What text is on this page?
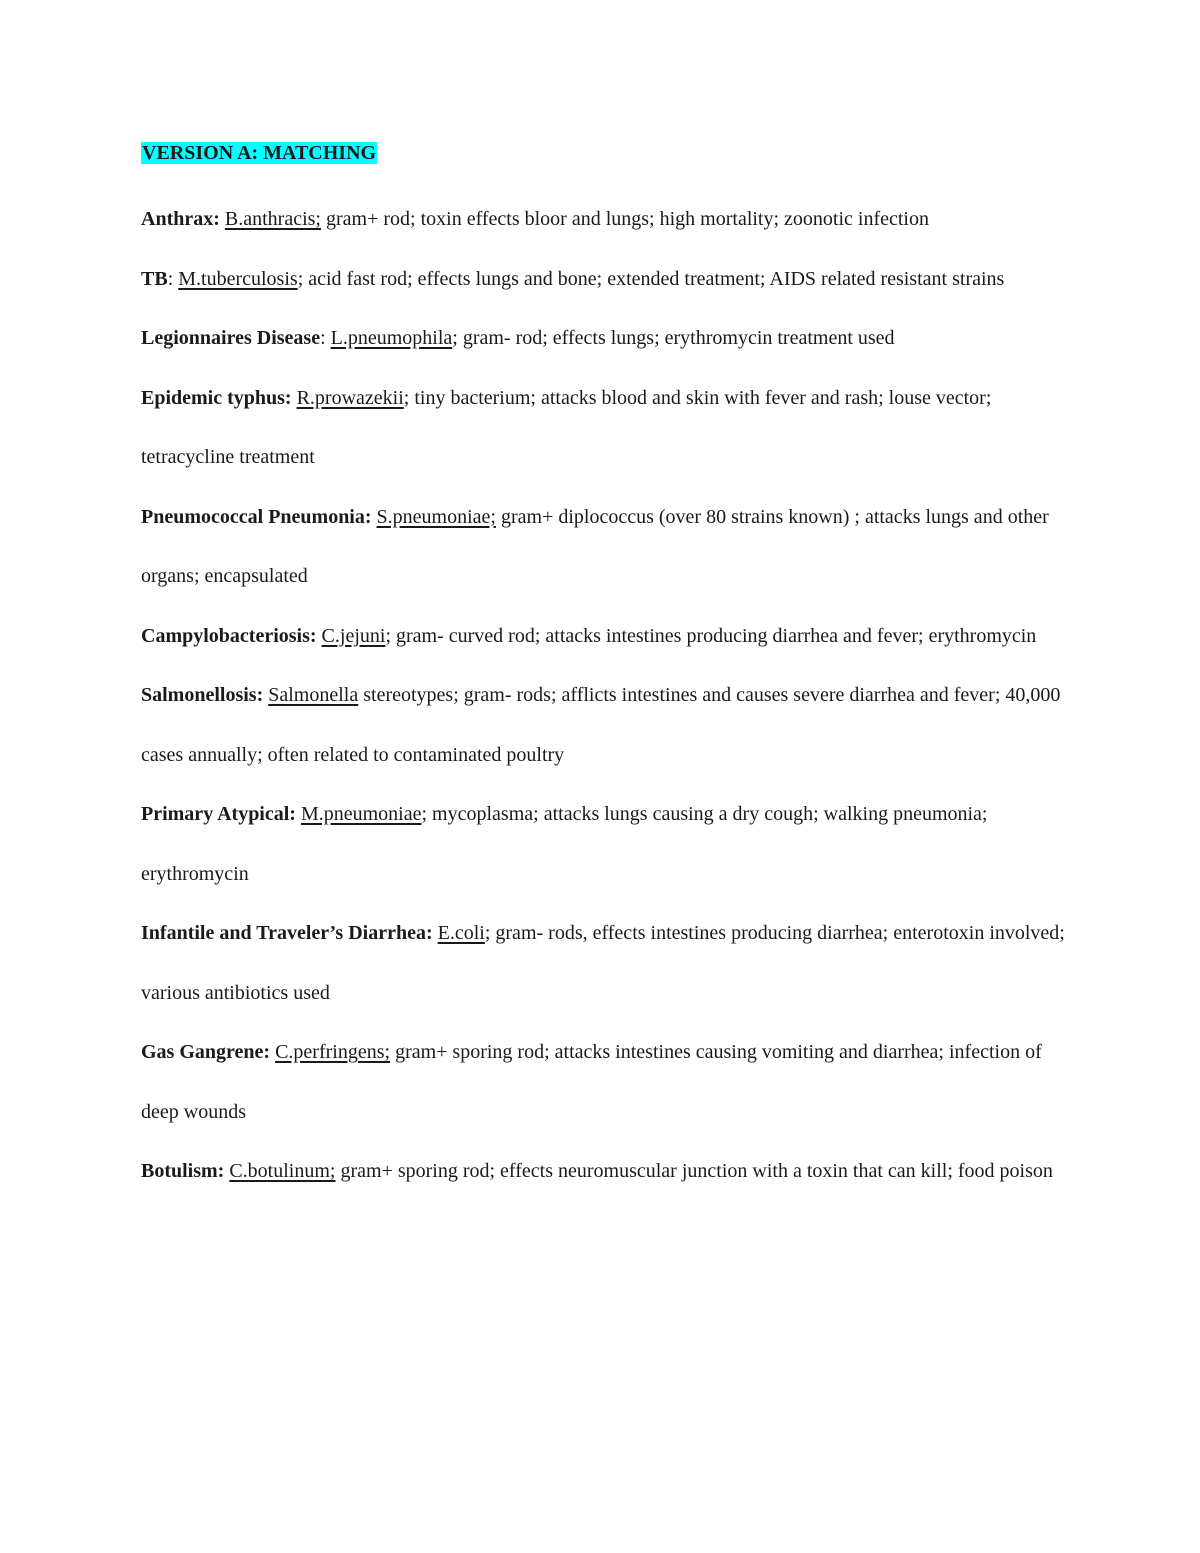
VERSION A: MATCHING

Anthrax: B.anthracis; gram+ rod; toxin effects bloor and lungs; high mortality; zoonotic infection

TB: M.tuberculosis; acid fast rod; effects lungs and bone; extended treatment; AIDS related resistant strains

Legionnaires Disease: L.pneumophila; gram- rod; effects lungs; erythromycin treatment used

Epidemic typhus: R.prowazekii; tiny bacterium; attacks blood and skin with fever and rash; louse vector; tetracycline treatment

Pneumococcal Pneumonia: S.pneumoniae; gram+ diplococcus (over 80 strains known) ; attacks lungs and other organs; encapsulated

Campylobacteriosis: C.jejuni; gram- curved rod; attacks intestines producing diarrhea and fever; erythromycin

Salmonellosis: Salmonella stereotypes; gram- rods; afflicts intestines and causes severe diarrhea and fever; 40,000 cases annually; often related to contaminated poultry

Primary Atypical: M.pneumoniae; mycoplasma; attacks lungs causing a dry cough; walking pneumonia; erythromycin

Infantile and Traveler’s Diarrhea: E.coli; gram- rods, effects intestines producing diarrhea; enterotoxin involved; various antibiotics used

Gas Gangrene: C.perfringens; gram+ sporing rod; attacks intestines causing vomiting and diarrhea; infection of deep wounds

Botulism: C.botulinum; gram+ sporing rod; effects neuromuscular junction with a toxin that can kill; food poison
